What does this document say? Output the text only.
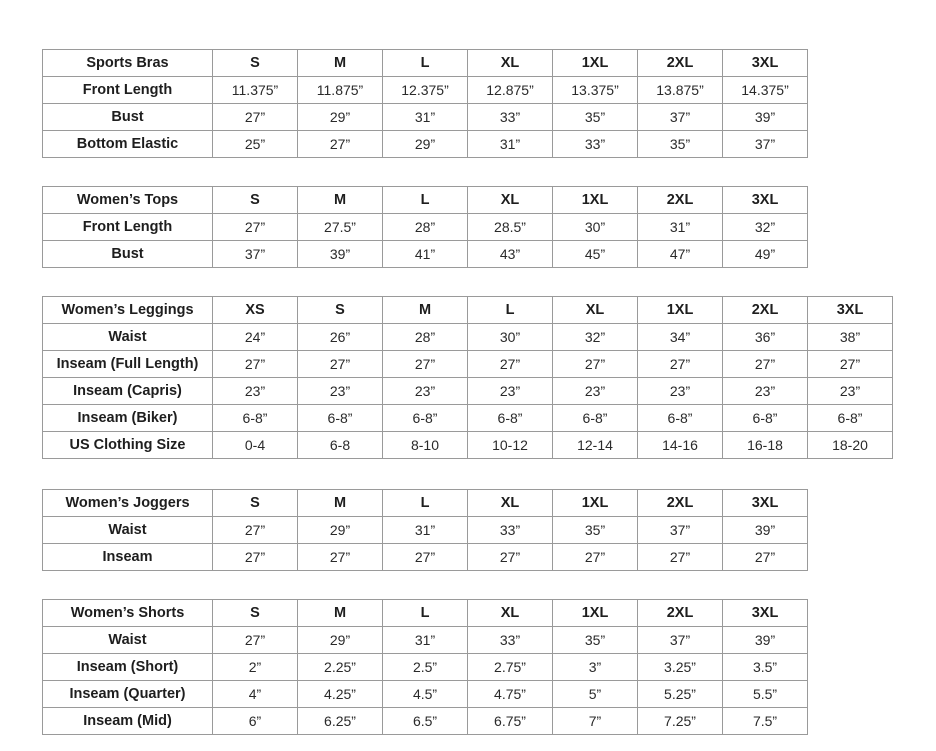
Sports Bras	S	M	L	XL	1XL	2XL	3XL
Front Length	11.375”	11.875”	12.375”	12.875”	13.375”	13.875”	14.375”
Bust	27”	29”	31”	33”	35”	37”	39”
Bottom Elastic	25”	27”	29”	31”	33”	35”	37”
Women’s Tops	S	M	L	XL	1XL	2XL	3XL
Front Length	27”	27.5”	28”	28.5”	30”	31”	32”
Bust	37”	39”	41”	43”	45”	47”	49”
Women’s Leggings	XS	S	M	L	XL	1XL	2XL	3XL
Waist	24”	26”	28”	30”	32”	34”	36”	38”
Inseam (Full Length)	27”	27”	27”	27”	27”	27”	27”	27”
Inseam (Capris)	23”	23”	23”	23”	23”	23”	23”	23”
Inseam (Biker)	6-8”	6-8”	6-8”	6-8”	6-8”	6-8”	6-8”	6-8”
US Clothing Size	0-4	6-8	8-10	10-12	12-14	14-16	16-18	18-20
Women’s Joggers	S	M	L	XL	1XL	2XL	3XL
Waist	27”	29”	31”	33”	35”	37”	39”
Inseam	27”	27”	27”	27”	27”	27”	27”
Women’s Shorts	S	M	L	XL	1XL	2XL	3XL
Waist	27”	29”	31”	33”	35”	37”	39”
Inseam (Short)	2”	2.25”	2.5”	2.75”	3”	3.25”	3.5”
Inseam (Quarter)	4”	4.25”	4.5”	4.75”	5”	5.25”	5.5”
Inseam (Mid)	6”	6.25”	6.5”	6.75”	7”	7.25”	7.5”
